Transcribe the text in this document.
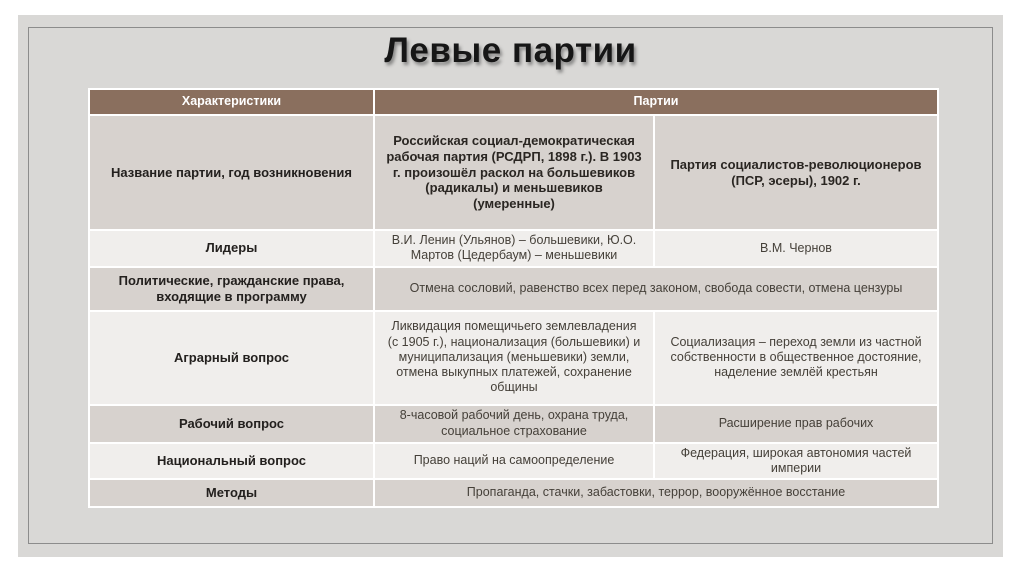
Левые партии
Характеристики	Партии	
Название партии, год возникновения	Российская социал-демократическая рабочая партия (РСДРП, 1898 г.). В 1903 г. произошёл раскол на большевиков (радикалы) и меньшевиков (умеренные)	Партия социалистов-революционеров (ПСР, эсеры), 1902 г.
Лидеры	В.И. Ленин (Ульянов) – большевики, Ю.О. Мартов (Цедербаум) – меньшевики	В.М. Чернов
Политические, гражданские права, входящие в программу	Отмена сословий, равенство всех перед законом, свобода совести, отмена цензуры	
Аграрный вопрос	Ликвидация помещичьего землевладения (с 1905 г.), национализация (большевики) и муниципализация (меньшевики) земли, отмена выкупных платежей, сохранение общины	Социализация – переход земли из частной собственности в общественное достояние, наделение землёй крестьян
Рабочий вопрос	8-часовой рабочий день, охрана труда, социальное страхование	Расширение прав рабочих
Национальный вопрос	Право наций на самоопределение	Федерация, широкая автономия частей империи
Методы	Пропаганда, стачки, забастовки, террор, вооружённое восстание	
